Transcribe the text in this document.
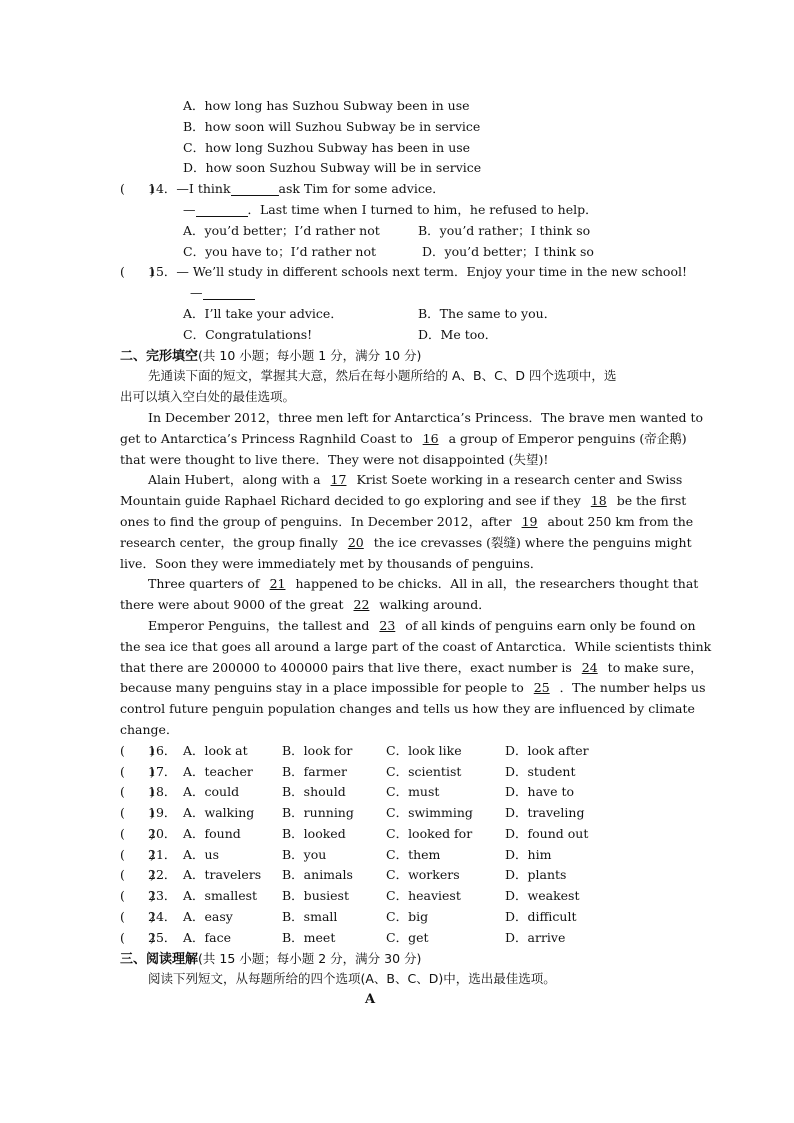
A．how long has Suzhou Subway been in use
B．how soon will Suzhou Subway be in service
C．how long Suzhou Subway has been in use
D．how soon Suzhou Subway will be in service
(　　)14．—I think	ask Tim for some advice．
—	．Last time when I turned to him，he refused to help．
A．you’d better；I’d rather not	B．you’d rather；I think so
C．you have to；I’d rather not	D．you’d better；I think so
(　　)15．— We’ll study in different schools next term．Enjoy your time in the new school!
—
A．I’ll take your advice．	B．The same to you．
C．Congratulations!	D．Me too．
二、完形填空(共 10 小题；每小题 1 分，满分 10 分)
先通读下面的短文，掌握其大意，然后在每小题所给的 A、B、C、D 四个选项中，选
出可以填入空白处的最佳选项。
In December 2012，three men left for Antarctica’s Princess．The brave men wanted to
get to Antarctica’s Princess Ragnhild Coast to 16 a group of Emperor penguins (帝企鹅)
that were thought to live there．They were not disappointed (失望)!
Alain Hubert，along with a 17 Krist Soete working in a research center and Swiss
Mountain guide Raphael Richard decided to go exploring and see if they 18 be the first
ones to find the group of penguins．In December 2012，after 19 about 250 km from the
research center，the group finally 20 the ice crevasses (裂缝) where the penguins might
live．Soon they were immediately met by thousands of penguins．
Three quarters of 21 happened to be chicks．All in all，the researchers thought that
there were about 9000 of the great 22 walking around．
Emperor Penguins，the tallest and 23 of all kinds of penguins earn only be found on
the sea ice that goes all around a large part of the coast of Antarctica．While scientists think
that there are 200000 to 400000 pairs that live there，exact number is 24 to make sure，
because many penguins stay in a place impossible for people to 25 ．The number helps us
control future penguin population changes and tells us how they are influenced by climate
change．
(　　)
16． A．look at	B．look for	C．look like	D．look after
(　　)
17． A．teacher B．farmer	C．scientist	D．student
(　　)
18． A．could	B．should	C．must	D．have to
(　　)
19． A．walking B．running	C．swimming	D．traveling
(　　)
20． A．found	B．looked	C．looked for	D．found out
(　　)
21． A．us	B．you	C．them	D．him
(　　)
22． A．travelers B．animals	C．workers	D．plants
(　　)
23． A．smallest B．busiest	C．heaviest	D．weakest
(　　)
24． A．easy	B．small	C．big	D．difficult
(　　)
25． A．face	B．meet	C．get	D．arrive
三、阅读理解(共 15 小题；每小题 2 分，满分 30 分)
阅读下列短文，从每题所给的四个选项(A、B、C、D)中，选出最佳选项。
A
